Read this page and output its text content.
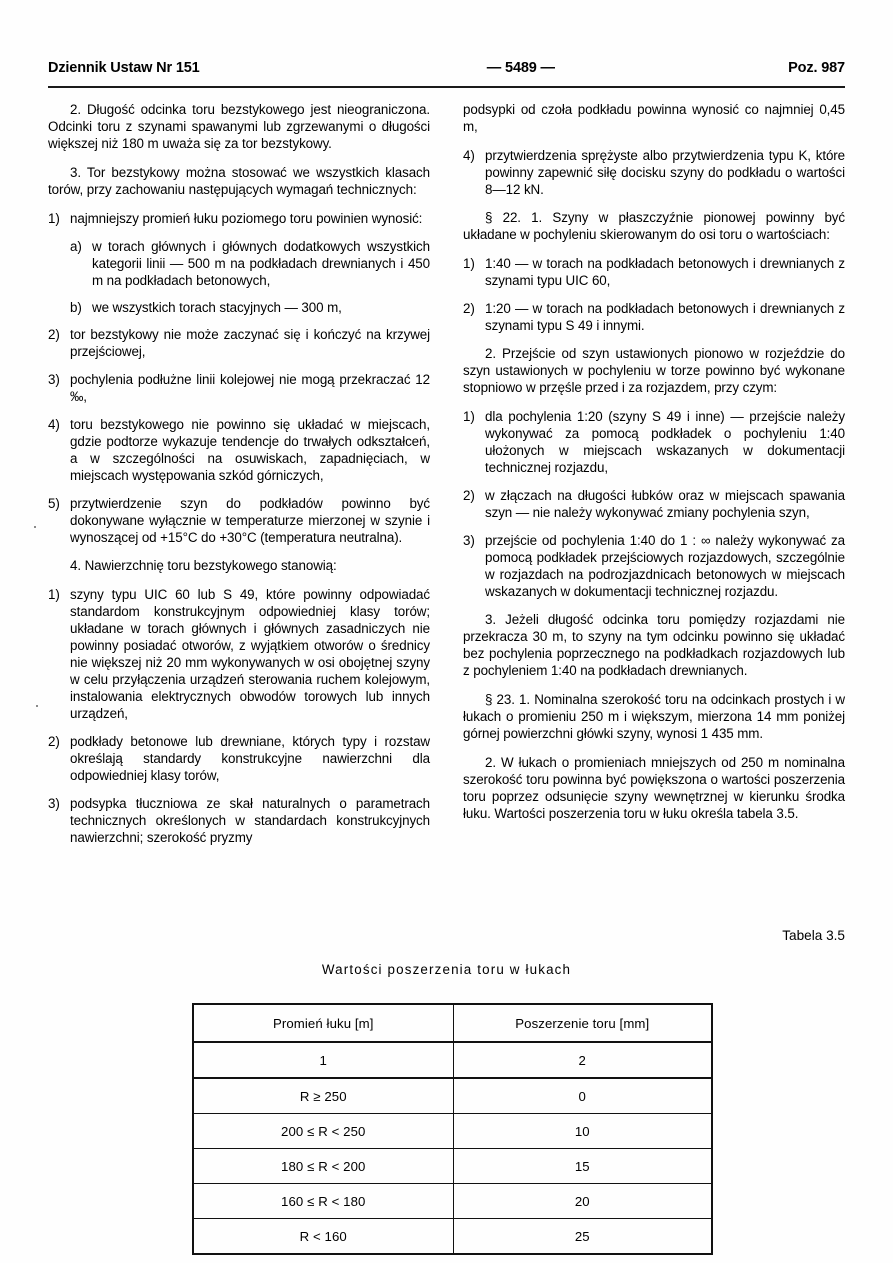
Dziennik Ustaw Nr 151	— 5489 —	Poz. 987

2. Długość odcinka toru bezstykowego jest nieograniczona. Odcinki toru z szynami spawanymi lub zgrzewanymi o długości większej niż 180 m uważa się za tor bezstykowy.

3. Tor bezstykowy można stosować we wszystkich klasach torów, przy zachowaniu następujących wymagań technicznych:

1) najmniejszy promień łuku poziomego toru powinien wynosić:
a) w torach głównych i głównych dodatkowych wszystkich kategorii linii — 500 m na podkładach drewnianych i 450 m na podkładach betonowych,
b) we wszystkich torach stacyjnych — 300 m,
2) tor bezstykowy nie może zaczynać się i kończyć na krzywej przejściowej,
3) pochylenia podłużne linii kolejowej nie mogą przekraczać 12 ‰,
4) toru bezstykowego nie powinno się układać w miejscach, gdzie podtorze wykazuje tendencje do trwałych odkształceń, a w szczególności na osuwiskach, zapadnięciach, w miejscach występowania szkód górniczych,
5) przytwierdzenie szyn do podkładów powinno być dokonywane wyłącznie w temperaturze mierzonej w szynie i wynoszącej od +15°C do +30°C (temperatura neutralna).

4. Nawierzchnię toru bezstykowego stanowią:

1) szyny typu UIC 60 lub S 49, które powinny odpowiadać standardom konstrukcyjnym odpowiedniej klasy torów; układane w torach głównych i głównych zasadniczych nie powinny posiadać otworów, z wyjątkiem otworów o średnicy nie większej niż 20 mm wykonywanych w osi obojętnej szyny w celu przyłączenia urządzeń sterowania ruchem kolejowym, instalowania elektrycznych obwodów torowych lub innych urządzeń,
2) podkłady betonowe lub drewniane, których typy i rozstaw określają standardy konstrukcyjne nawierzchni dla odpowiedniej klasy torów,
3) podsypka tłuczniowa ze skał naturalnych o parametrach technicznych określonych w standardach konstrukcyjnych nawierzchni; szerokość pryzmy

podsypki od czoła podkładu powinna wynosić co najmniej 0,45 m,

4) przytwierdzenia sprężyste albo przytwierdzenia typu K, które powinny zapewnić siłę docisku szyny do podkładu o wartości 8—12 kN.

§ 22. 1. Szyny w płaszczyźnie pionowej powinny być układane w pochyleniu skierowanym do osi toru o wartościach:

1) 1:40 — w torach na podkładach betonowych i drewnianych z szynami typu UIC 60,
2) 1:20 — w torach na podkładach betonowych i drewnianych z szynami typu S 49 i innymi.

2. Przejście od szyn ustawionych pionowo w rozjeździe do szyn ustawionych w pochyleniu w torze powinno być wykonane stopniowo w przęśle przed i za rozjazdem, przy czym:

1) dla pochylenia 1:20 (szyny S 49 i inne) — przejście należy wykonywać za pomocą podkładek o pochyleniu 1:40 ułożonych w miejscach wskazanych w dokumentacji technicznej rozjazdu,
2) w złączach na długości łubków oraz w miejscach spawania szyn — nie należy wykonywać zmiany pochylenia szyn,
3) przejście od pochylenia 1:40 do 1 : ∞ należy wykonywać za pomocą podkładek przejściowych rozjazdowych, szczególnie w rozjazdach na podrozjazdnicach betonowych w miejscach wskazanych w dokumentacji technicznej rozjazdu.

3. Jeżeli długość odcinka toru pomiędzy rozjazdami nie przekracza 30 m, to szyny na tym odcinku powinno się układać bez pochylenia poprzecznego na podkładkach rozjazdowych lub z pochyleniem 1:40 na podkładach drewnianych.

§ 23. 1. Nominalna szerokość toru na odcinkach prostych i w łukach o promieniu 250 m i większym, mierzona 14 mm poniżej górnej powierzchni główki szyny, wynosi 1 435 mm.

2. W łukach o promieniach mniejszych od 250 m nominalna szerokość toru powinna być powiększona o wartości poszerzenia toru poprzez odsunięcie szyny wewnętrznej w kierunku środka łuku. Wartości poszerzenia toru w łuku określa tabela 3.5.

Tabela 3.5
Wartości poszerzenia toru w łukach
Promień łuku [m]	Poszerzenie toru [mm]
1	2
R ≥ 250	0
200 ≤ R < 250	10
180 ≤ R < 200	15
160 ≤ R < 180	20
R < 160	25
